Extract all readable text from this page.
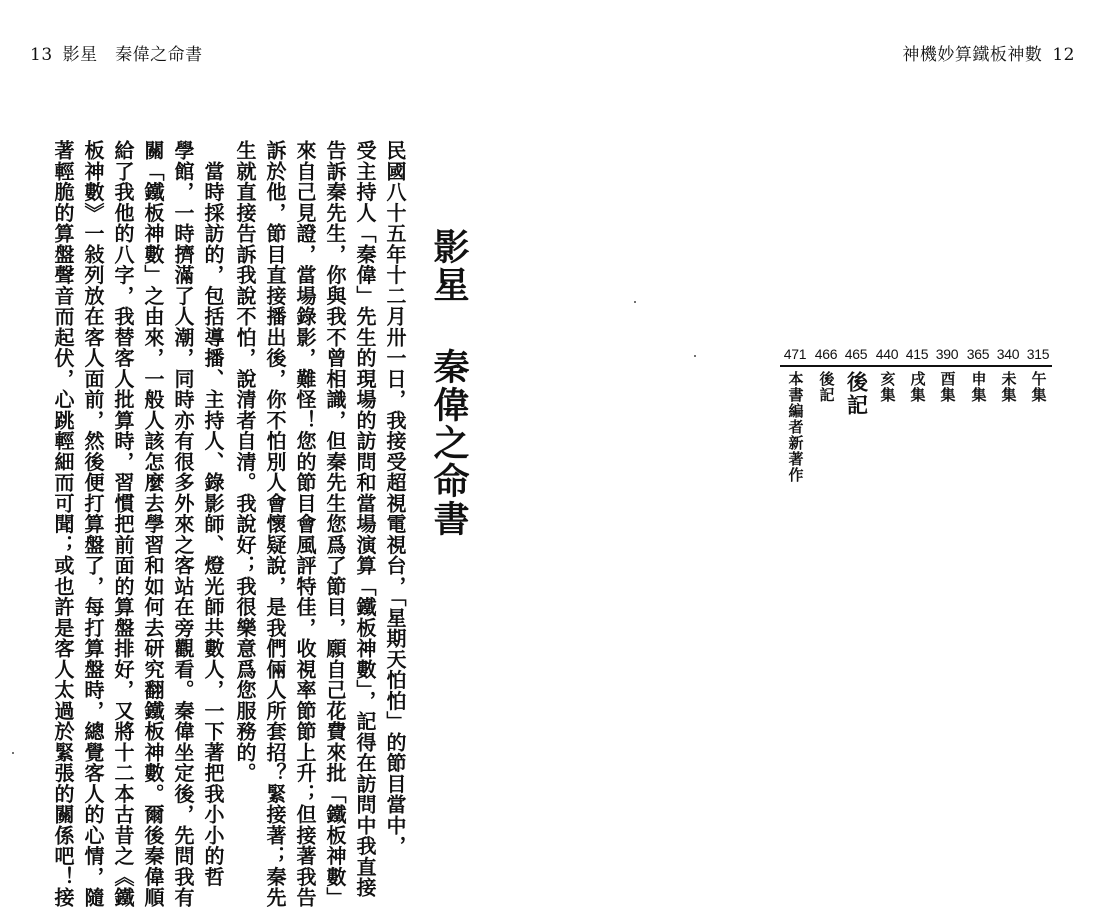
13 影星　秦偉之命書	神機妙算鐵板神數 12
影星秦偉之命書
民國八十五年十二月卅一日，我接受超視電視台，「星期天怕怕」的節目當中，
受主持人「秦偉」先生的現場的訪問和當場演算「鐵板神數」，記得在訪問中我直接
告訴秦先生，你與我不曾相識，但秦先生您爲了節目，願自己花費來批「鐵板神數」
來自己見證，當場錄影，難怪！您的節目會風評特佳，收視率節節上升；但接著我告
訴於他，節目直接播出後，你不怕別人會懷疑說，是我們倆人所套招？緊接著；秦先
生就直接告訴我說不怕，說清者自清。我說好；我很樂意爲您服務的。
　當時採訪的，包括導播、主持人、錄影師、燈光師共數人，一下著把我小小的哲
學館，一時擠滿了人潮，同時亦有很多外來之客站在旁觀看。秦偉坐定後，先問我有
關「鐵板神數」之由來，一般人該怎麼去學習和如何去研究翻鐵板神數。爾後秦偉順
給了我他的八字，我替客人批算時，習慣把前面的算盤排好，又將十二本古昔之《鐵
板神數》一敍列放在客人面前，然後便打算盤了，每打算盤時，總覺客人的心情，隨
著輕脆的算盤聲音而起伏，心跳輕細而可聞；或也許是客人太過於緊張的關係吧！接	471
本書編者新著作
466
後記
465
後記
440
亥集
415
戌集
390
酉集
365
申集
340
未集
315
午集
